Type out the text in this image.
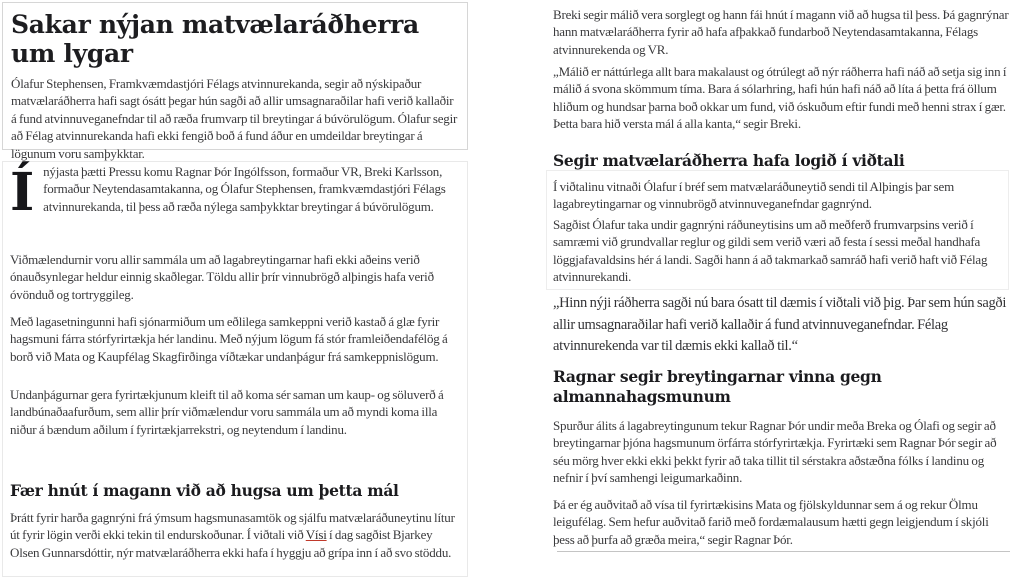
Sakar nýjan matvælaráðherra um lygar

Ólafur Stephensen, Framkvæmdastjóri Félags atvinnurekanda, segir að nýskipaður matvælaráðherra hafi sagt ósátt þegar hún sagði að allir umsagnaraðilar hafi verið kallaðir á fund atvinnuveganefndar til að ræða frumvarp til breytingar á búvörulögum. Ólafur segir að Félag atvinnurekanda hafi ekki fengið boð á fund áður en umdeildar breytingar á lögunum voru samþykktar.

Ínýjasta þætti Pressu komu Ragnar Þór Ingólfsson, formaður VR, Breki Karlsson, formaður Neytendasamtakanna, og Ólafur Stephensen, framkvæmdastjóri Félags atvinnurekanda, til þess að ræða nýlega samþykktar breytingar á búvörulögum.

Viðmælendurnir voru allir sammála um að lagabreytingarnar hafi ekki aðeins verið ónauðsynlegar heldur einnig skaðlegar. Töldu allir þrír vinnubrögð alþingis hafa verið óvönduð og tortryggileg.

Með lagasetningunni hafi sjónarmiðum um eðlilega samkeppni verið kastað á glæ fyrir hagsmuni fárra stórfyrirtækja hér landinu. Með nýjum lögum fá stór framleiðendafélög á borð við Mata og Kaupfélag Skagfirðinga víðtækar undanþágur frá samkeppnislögum.

Undanþágurnar gera fyrirtækjunum kleift til að koma sér saman um kaup- og söluverð á landbúnaðaafurðum, sem allir þrír viðmælendur voru sammála um að myndi koma illa niður á bændum aðilum í fyrirtækjarrekstri, og neytendum í landinu.

Fær hnút í magann við að hugsa um þetta mál

Þrátt fyrir harða gagnrýni frá ýmsum hagsmunasamtök og sjálfu matvælaráðuneytinu lítur út fyrir lögin verði ekki tekin til endurskoðunar. Í viðtali við Vísi í dag sagðist Bjarkey Olsen Gunnarsdóttir, nýr matvælaráðherra ekki hafa í hyggju að grípa inn í að svo stöddu.

Breki segir málið vera sorglegt og hann fái hnút í magann við að hugsa til þess. Þá gagnrýnar hann matvælaráðherra fyrir að hafa afþakkað fundarboð Neytendasamtakanna, Félags atvinnurekenda og VR.

„Málið er náttúrlega allt bara makalaust og ótrúlegt að nýr ráðherra hafi náð að setja sig inn í málið á svona skömmum tíma. Bara á sólarhring, hafi hún hafi náð að líta á þetta frá öllum hliðum og hundsar þarna boð okkar um fund, við óskuðum eftir fundi með henni strax í gær. Þetta bara hið versta mál á alla kanta,“ segir Breki.

Segir matvælaráðherra hafa logið í viðtali

Í viðtalinu vitnaði Ólafur í bréf sem matvælaráðuneytið sendi til Alþingis þar sem lagabreytingarnar og vinnubrögð atvinnuveganefndar gagnrýnd.

Sagðist Ólafur taka undir gagnrýni ráðuneytisins um að meðferð frumvarpsins verið í samræmi við grundvallar reglur og gildi sem verið væri að festa í sessi meðal handhafa löggjafavaldsins hér á landi. Sagði hann á að takmarkað samráð hafi verið haft við Félag atvinnurekandi.

„Hinn nýji ráðherra sagði nú bara ósatt til dæmis í viðtali við þig. Þar sem hún sagði allir umsagnaraðilar hafi verið kallaðir á fund atvinnuveganefndar. Félag atvinnurekenda var til dæmis ekki kallað til.“

Ragnar segir breytingarnar vinna gegn almannahagsmunum

Spurður álits á lagabreytingunum tekur Ragnar Þór undir meða Breka og Ólafi og segir að breytingarnar þjóna hagsmunum örfárra stórfyrirtækja. Fyrirtæki sem Ragnar Þór segir að séu mörg hver ekki ekki þekkt fyrir að taka tillit til sérstakra aðstæðna fólks í landinu og nefnir í því samhengi leigumarkaðinn.

Þá er ég auðvitað að vísa til fyrirtækisins Mata og fjölskyldunnar sem á og rekur Ölmu leigufélag. Sem hefur auðvitað farið með fordæmalausum hætti gegn leigjendum í skjóli þess að þurfa að græða meira,“ segir Ragnar Þór.
